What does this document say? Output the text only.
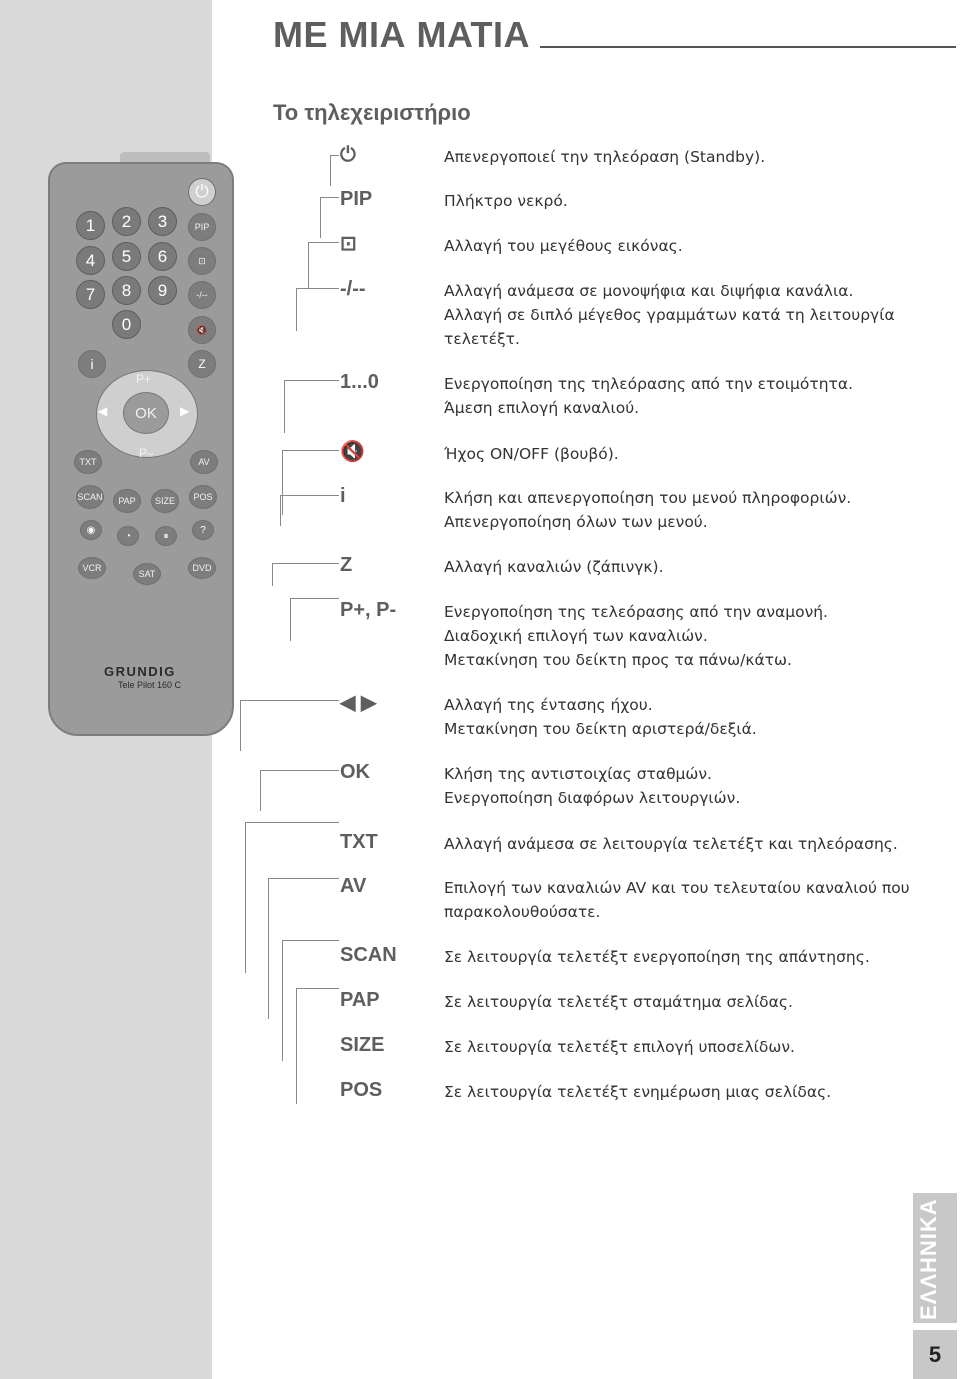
ΜΕ ΜΙΑ ΜΑΤΙΑ
Το τηλεχειριστήριο
⏻
PIP
⊡
-/--
🔇
1 2 3
4 5 6
7 8 9
0
i	Z
P+
◀	▶
OK
P–
TXT	AV
SCAN PAP SIZE POS
◉
◔	⏸
?
VCR
SAT
DVD
GRUNDIG
Tele Pilot 160 C
⏻	Απενεργοποιεί την τηλεόραση (Standby).
PIP	Πλήκτρο νεκρό.
⊡	Αλλαγή του μεγέθους εικόνας.
-/--	Αλλαγή ανάμεσα σε μονοψήφια και διψήφια κανάλια.
Αλλαγή σε διπλό μέγεθος γραμμάτων κατά τη λειτουργία
τελετέξτ.
1...0	Ενεργοποίηση της τηλεόρασης από την ετοιμότητα.
Άμεση επιλογή καναλιού.
🔇	Ήχος ON/OFF (βουβό).
i	Κλήση και απενεργοποίηση του μενού πληροφοριών.
Απενεργοποίηση όλων των μενού.
Z	Αλλαγή καναλιών (ζάπινγκ).
P+, P-	Ενεργοποίηση της τελεόρασης από την αναμονή.
Διαδοχική επιλογή των καναλιών.
Μετακίνηση του δείκτη προς τα πάνω/κάτω.
◀ ▶	Αλλαγή της έντασης ήχου.
Μετακίνηση του δείκτη αριστερά/δεξιά.
OK	Κλήση της αντιστοιχίας σταθμών.
Ενεργοποίηση διαφόρων λειτουργιών.
TXT	Αλλαγή ανάμεσα σε λειτουργία τελετέξτ και τηλεόρασης.
AV	Επιλογή των καναλιών AV και του τελευταίου καναλιού που
παρακολουθούσατε.
SCAN	Σε λειτουργία τελετέξτ ενεργοποίηση της απάντησης.
PAP	Σε λειτουργία τελετέξτ σταμάτημα σελίδας.
SIZE	Σε λειτουργία τελετέξτ επιλογή υποσελίδων.
POS	Σε λειτουργία τελετέξτ ενημέρωση μιας σελίδας.
ΕΛΛΗΝΙΚΑ
5
